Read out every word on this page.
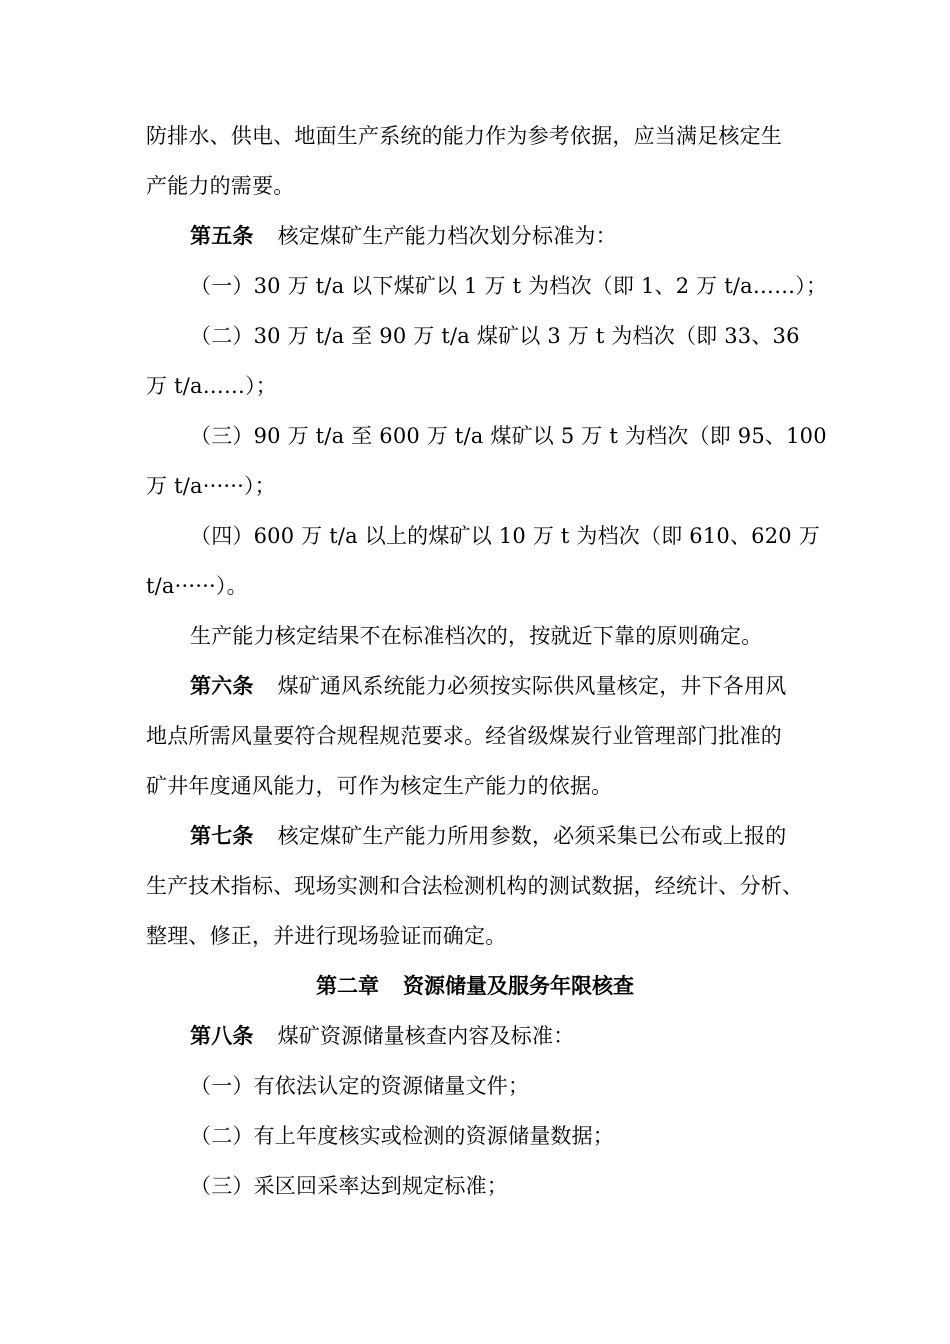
防排水、供电、地面生产系统的能力作为参考依据，应当满足核定生
产能力的需要。
第五条 核定煤矿生产能力档次划分标准为：
（一）30 万 t/a 以下煤矿以 1 万 t 为档次（即 1、2 万 t/a……）；
（二）30 万 t/a 至 90 万 t/a 煤矿以 3 万 t 为档次（即 33、36
万 t/a……）；
（三）90 万 t/a 至 600 万 t/a 煤矿以 5 万 t 为档次（即 95、100
万 t/a······）；
（四）600 万 t/a 以上的煤矿以 10 万 t 为档次（即 610、620 万
t/a······）。
生产能力核定结果不在标准档次的，按就近下靠的原则确定。
第六条 煤矿通风系统能力必须按实际供风量核定，井下各用风
地点所需风量要符合规程规范要求。经省级煤炭行业管理部门批准的
矿井年度通风能力，可作为核定生产能力的依据。
第七条 核定煤矿生产能力所用参数，必须采集已公布或上报的
生产技术指标、现场实测和合法检测机构的测试数据，经统计、分析、
整理、修正，并进行现场验证而确定。
第二章 资源储量及服务年限核查
第八条 煤矿资源储量核查内容及标准：
（一）有依法认定的资源储量文件；
（二）有上年度核实或检测的资源储量数据；
（三）采区回采率达到规定标准；
